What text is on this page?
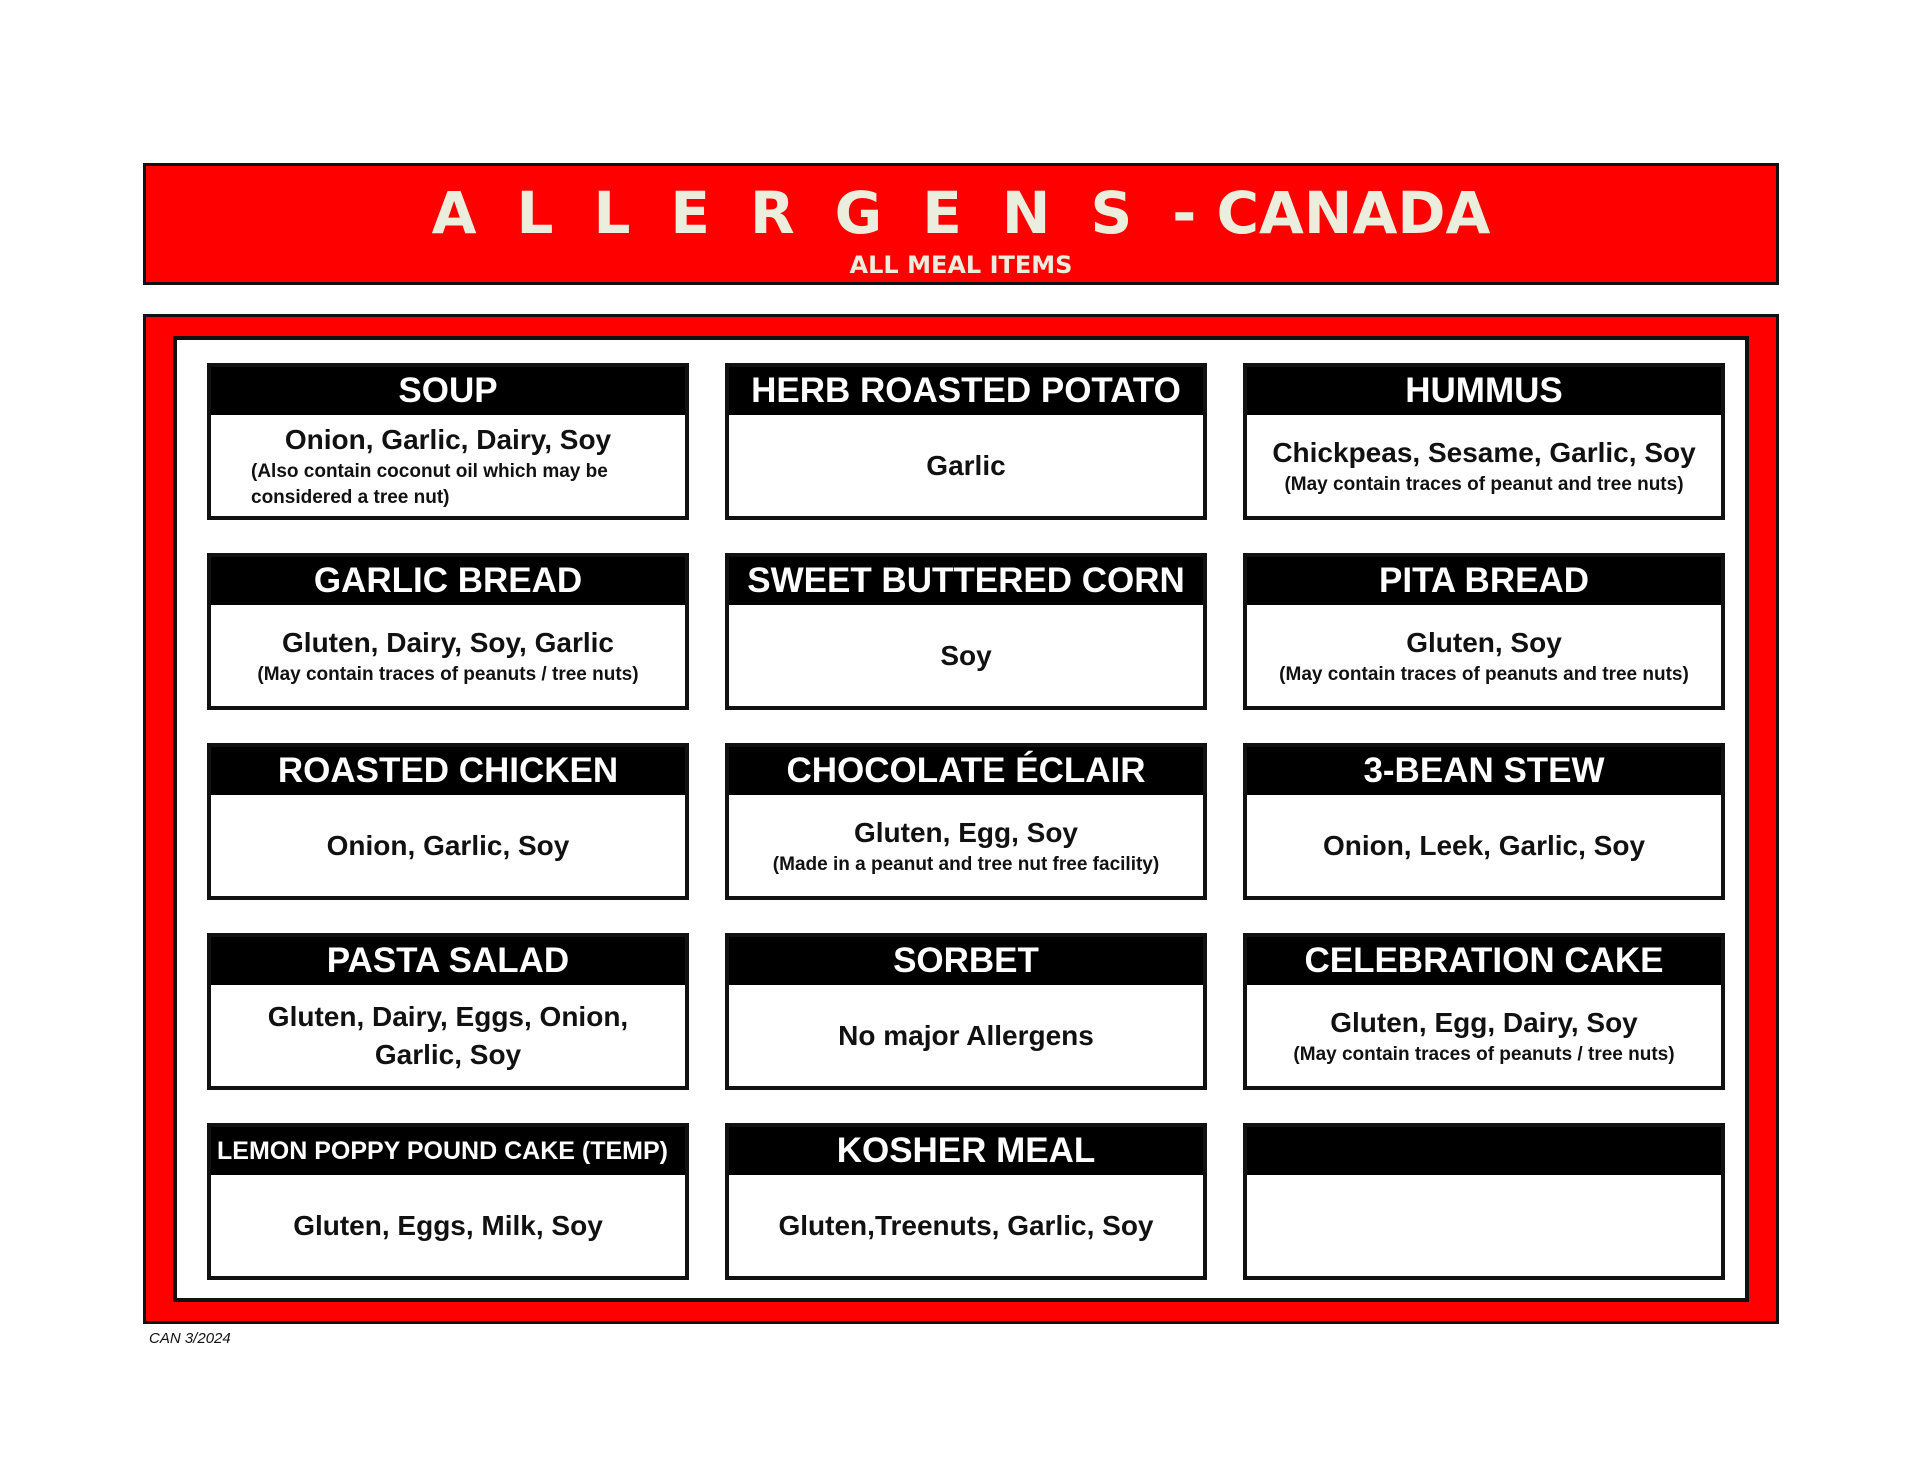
ALLERGENS- CANADA
ALL MEAL ITEMS
SOUP
Onion, Garlic, Dairy, Soy
(Also contain coconut oil which may be considered a tree nut)
HERB ROASTED POTATO
Garlic
HUMMUS
Chickpeas, Sesame, Garlic, Soy
(May contain traces of peanut and tree nuts)
GARLIC BREAD
Gluten, Dairy, Soy, Garlic
(May contain traces of peanuts / tree nuts)
SWEET BUTTERED CORN
Soy
PITA BREAD
Gluten, Soy
(May contain traces of peanuts and tree nuts)
ROASTED CHICKEN
Onion, Garlic, Soy
CHOCOLATE ÉCLAIR
Gluten, Egg, Soy
(Made in a peanut and tree nut free facility)
3-BEAN STEW
Onion, Leek, Garlic, Soy
PASTA SALAD
Gluten, Dairy, Eggs, Onion, Garlic, Soy
SORBET
No major Allergens
CELEBRATION CAKE
Gluten, Egg, Dairy, Soy
(May contain traces of peanuts / tree nuts)
LEMON POPPY POUND CAKE (TEMP)
Gluten, Eggs, Milk, Soy
KOSHER MEAL
Gluten,Treenuts, Garlic, Soy
CAN 3/2024
